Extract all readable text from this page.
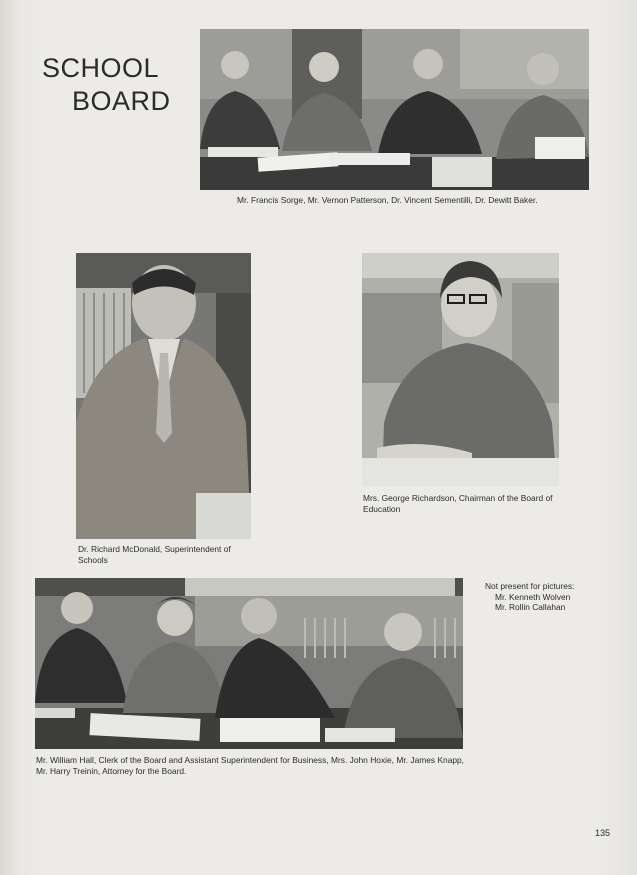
SCHOOL
BOARD
Mr. Francis Sorge, Mr. Vernon Patterson, Dr. Vincent Sementilli, Dr. Dewitt Baker.
Dr. Richard McDonald, Superintendent of Schools
Mrs. George Richardson, Chairman of the Board of Education
Mr. William Hall, Clerk of the Board and Assistant Superintendent for Business, Mrs. John Hoxie, Mr. James Knapp, Mr. Harry Treinin, Attorney for the Board.
Not present for pictures:
Mr. Kenneth Wolven
Mr. Rollin Callahan
135
